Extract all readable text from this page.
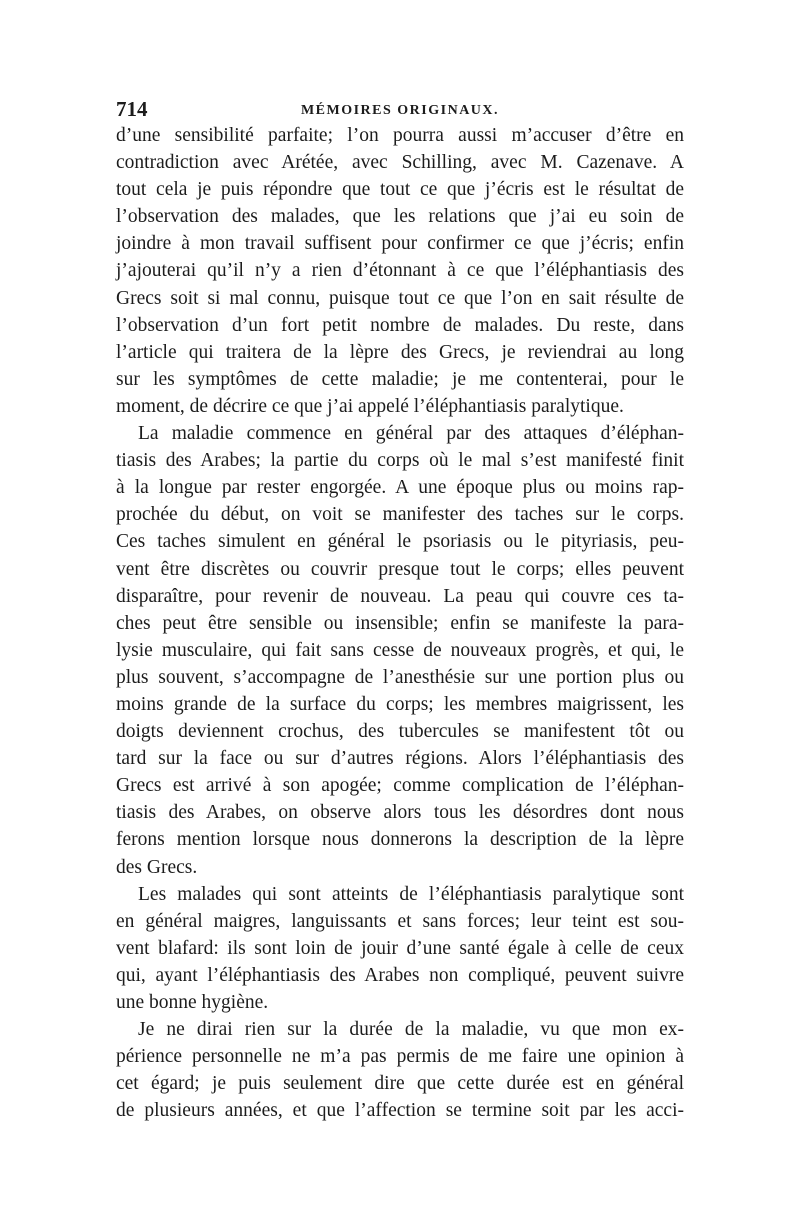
714	MÉMOIRES ORIGINAUX.
d’une sensibilité parfaite; l’on pourra aussi m’accuser d’être en
contradiction avec Arétée, avec Schilling, avec M. Cazenave. A
tout cela je puis répondre que tout ce que j’écris est le résultat de
l’observation des malades, que les relations que j’ai eu soin de
joindre à mon travail suffisent pour confirmer ce que j’écris; enfin
j’ajouterai qu’il n’y a rien d’étonnant à ce que l’éléphantiasis des
Grecs soit si mal connu, puisque tout ce que l’on en sait résulte de
l’observation d’un fort petit nombre de malades. Du reste, dans
l’article qui traitera de la lèpre des Grecs, je reviendrai au long
sur les symptômes de cette maladie; je me contenterai, pour le
moment, de décrire ce que j’ai appelé l’éléphantiasis paralytique.
La maladie commence en général par des attaques d’éléphan-
tiasis des Arabes; la partie du corps où le mal s’est manifesté finit
à la longue par rester engorgée. A une époque plus ou moins rap-
prochée du début, on voit se manifester des taches sur le corps.
Ces taches simulent en général le psoriasis ou le pityriasis, peu-
vent être discrètes ou couvrir presque tout le corps; elles peuvent
disparaître, pour revenir de nouveau. La peau qui couvre ces ta-
ches peut être sensible ou insensible; enfin se manifeste la para-
lysie musculaire, qui fait sans cesse de nouveaux progrès, et qui, le
plus souvent, s’accompagne de l’anesthésie sur une portion plus ou
moins grande de la surface du corps; les membres maigrissent, les
doigts deviennent crochus, des tubercules se manifestent tôt ou
tard sur la face ou sur d’autres régions. Alors l’éléphantiasis des
Grecs est arrivé à son apogée; comme complication de l’éléphan-
tiasis des Arabes, on observe alors tous les désordres dont nous
ferons mention lorsque nous donnerons la description de la lèpre
des Grecs.
Les malades qui sont atteints de l’éléphantiasis paralytique sont
en général maigres, languissants et sans forces; leur teint est sou-
vent blafard: ils sont loin de jouir d’une santé égale à celle de ceux
qui, ayant l’éléphantiasis des Arabes non compliqué, peuvent suivre
une bonne hygiène.
Je ne dirai rien sur la durée de la maladie, vu que mon ex-
périence personnelle ne m’a pas permis de me faire une opinion à
cet égard; je puis seulement dire que cette durée est en général
de plusieurs années, et que l’affection se termine soit par les acci-
